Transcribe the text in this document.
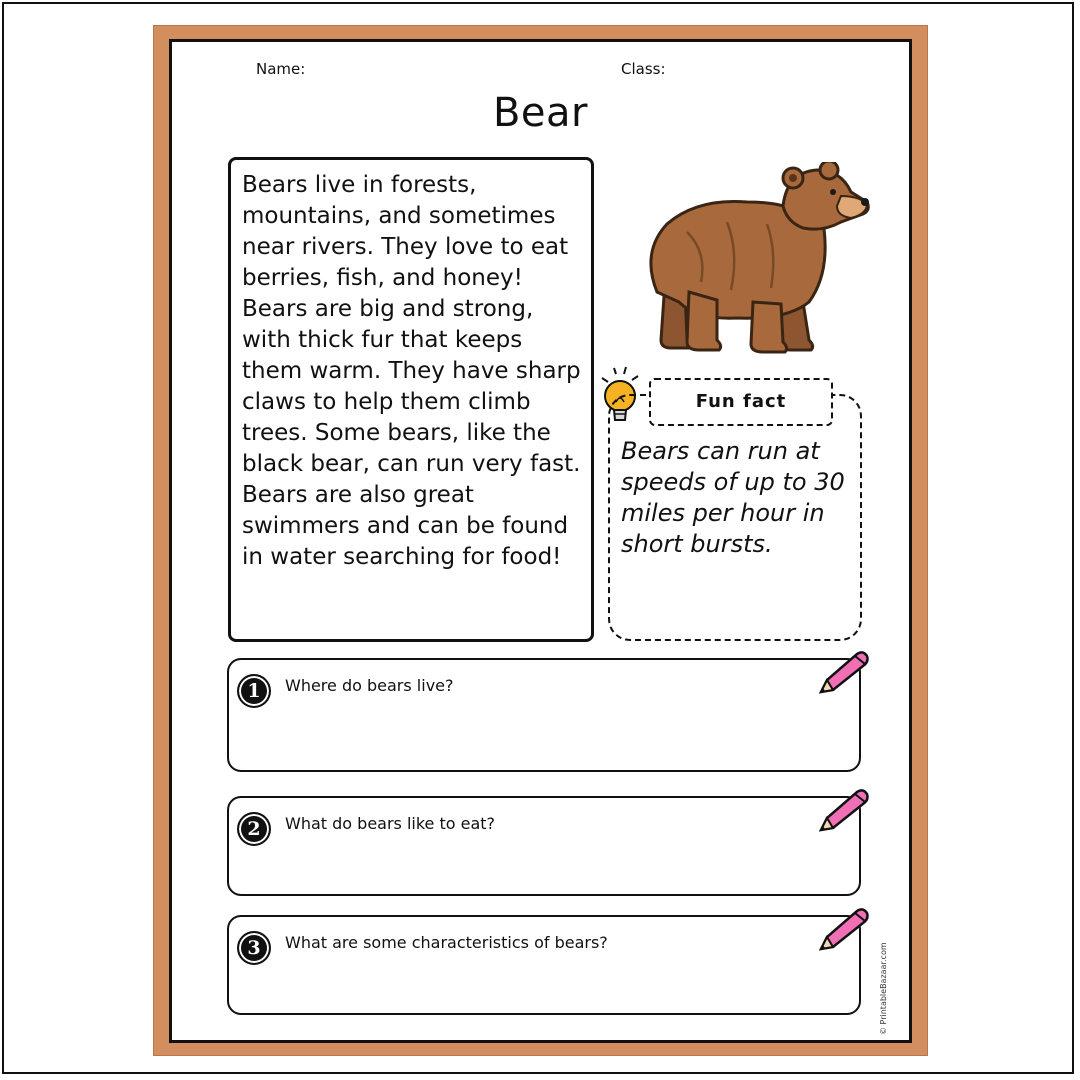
Name:	Class:
Bear
Bears live in forests, mountains, and sometimes near rivers. They love to eat berries, fish, and honey! Bears are big and strong, with thick fur that keeps them warm. They have sharp claws to help them climb trees. Some bears, like the black bear, can run very fast. Bears are also great swimmers and can be found in water searching for food!
Fun fact
Bears can run at speeds of up to 30 miles per hour in short bursts.
1	Where do bears live?
2	What do bears like to eat?
3	What are some characteristics of bears?	© PrintableBazaar.com
